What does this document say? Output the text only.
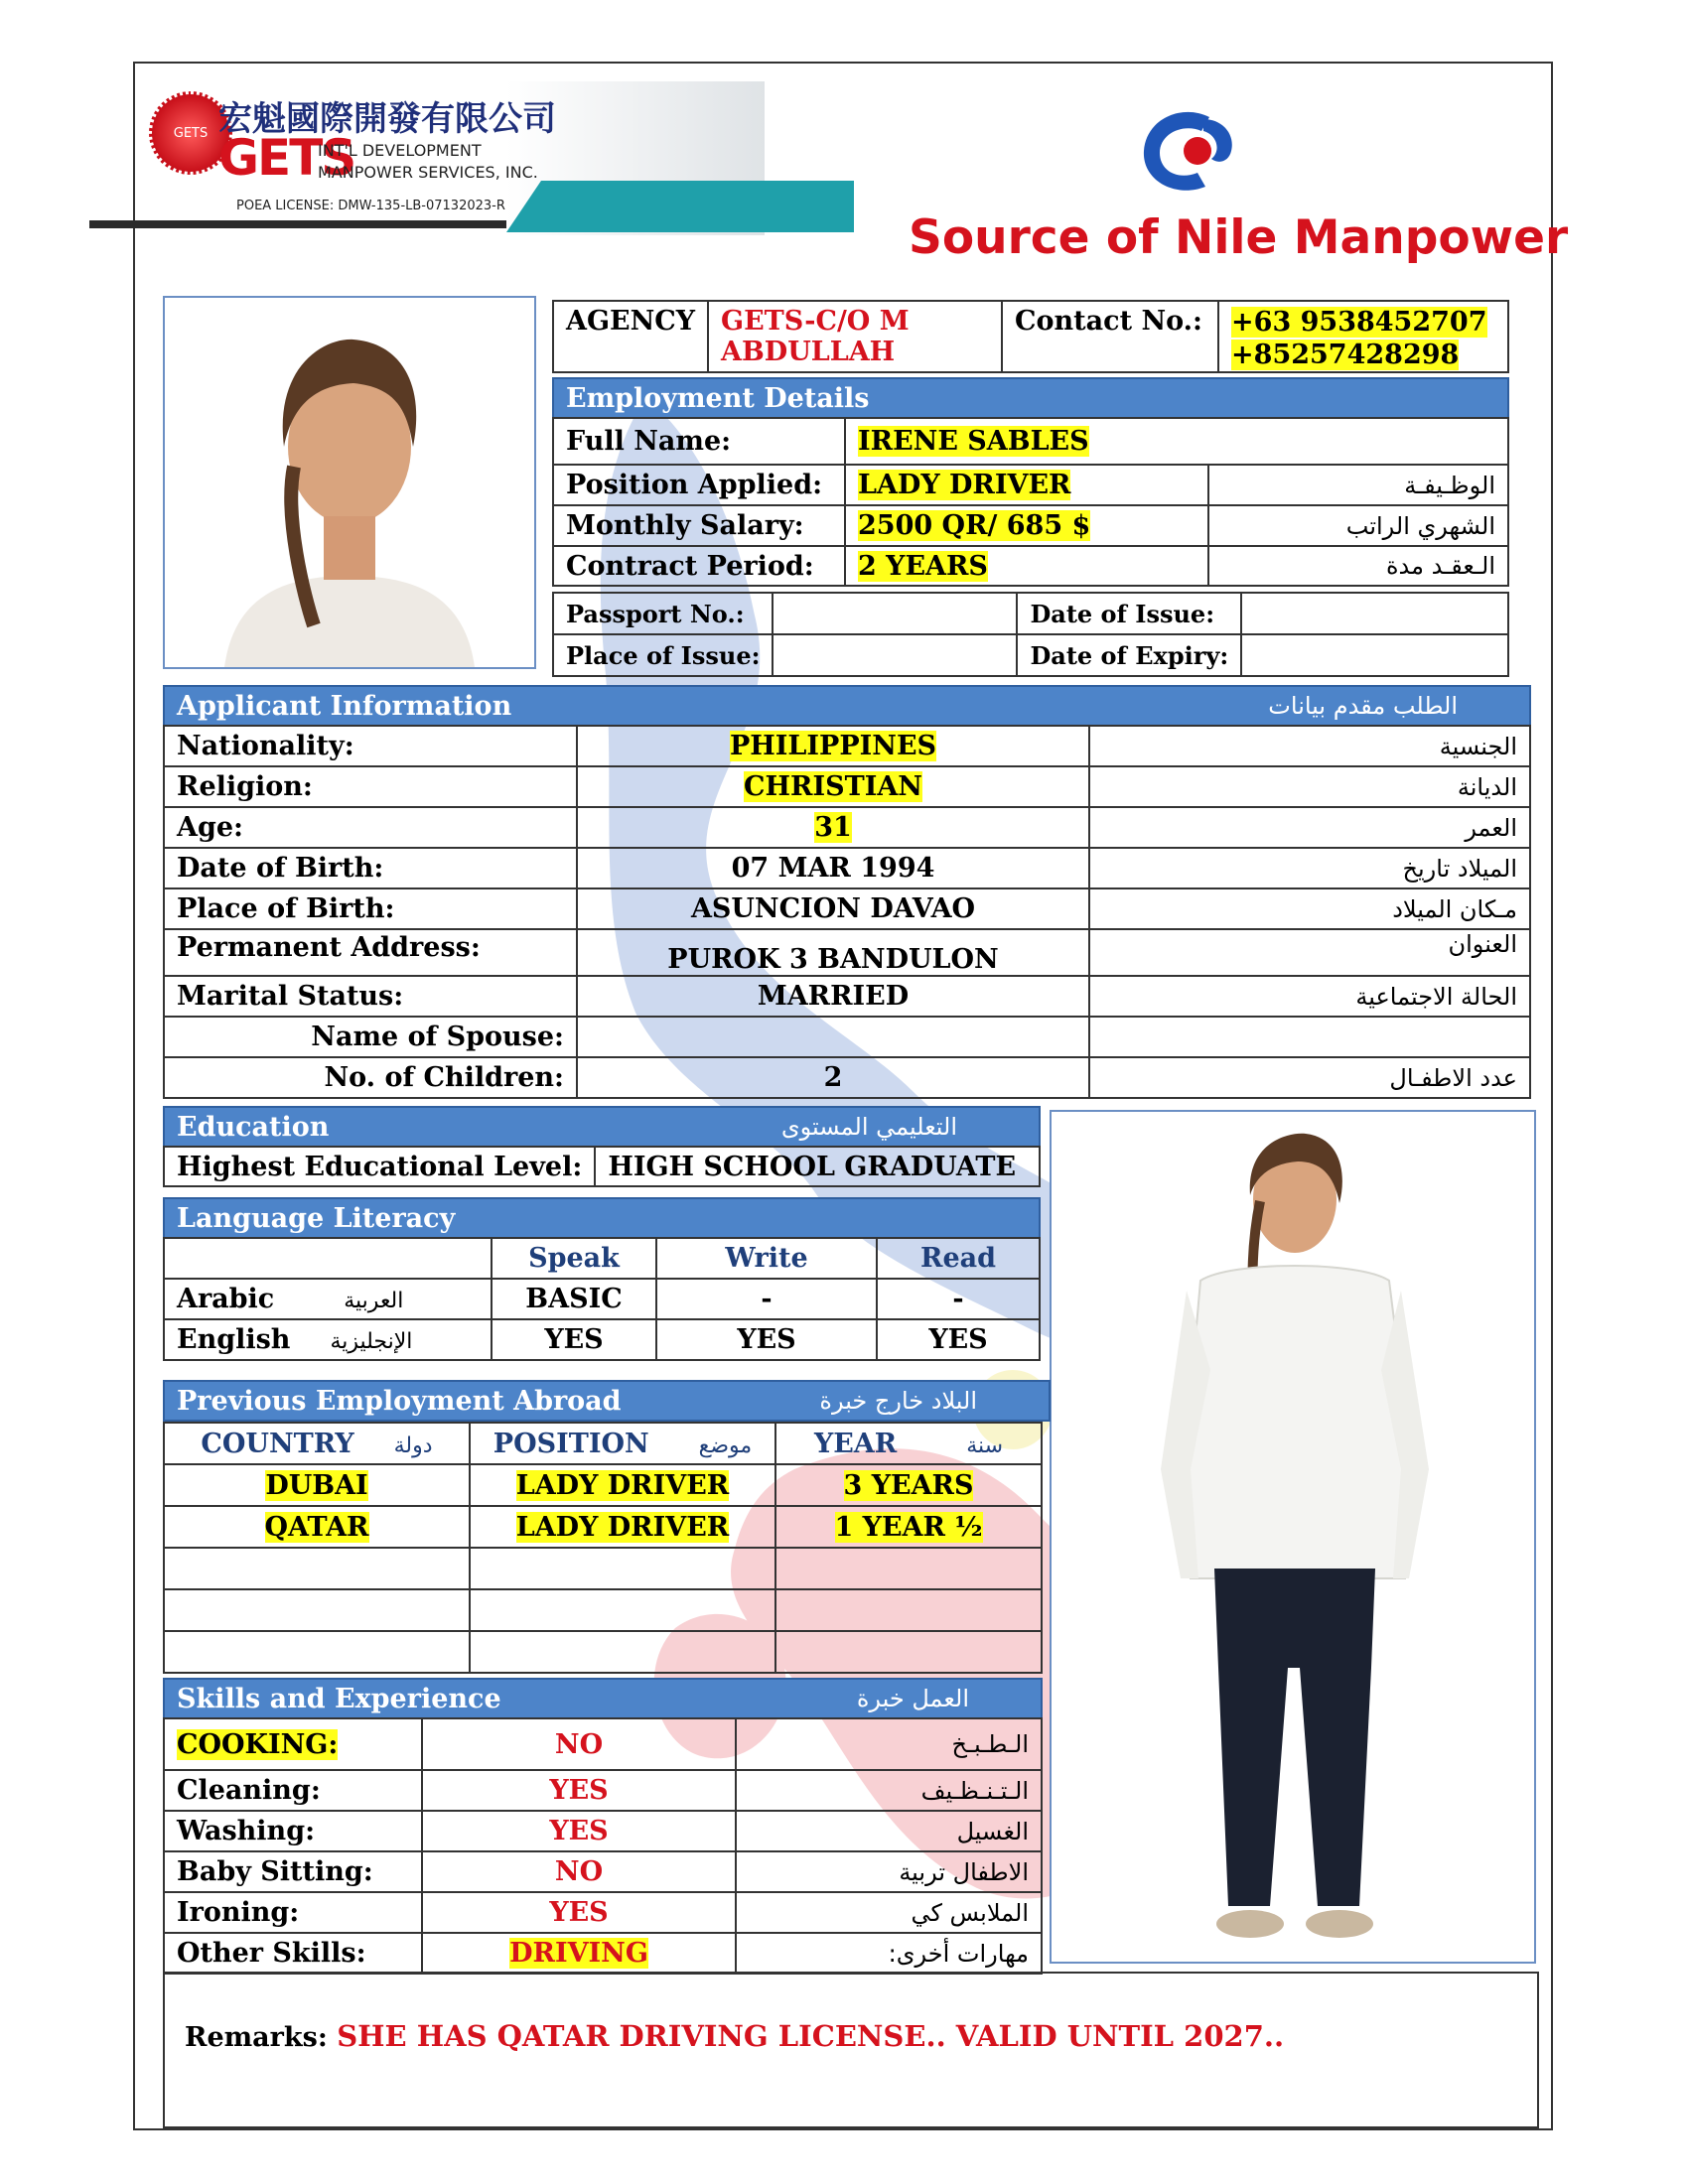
GETS 宏魁國際開發有限公司
GETS
INT'L DEVELOPMENT
MANPOWER SERVICES, INC.
POEA LICENSE: DMW-135-LB-07132023-R
Source of Nile Manpower
AGENCY	GETS-C/O M ABDULLAH	Contact No.:	+63 9538452707
+85257428298
Employment Details
Full Name:	IRENE SABLES	
Position Applied:	LADY DRIVER	الوظـيفـة
Monthly Salary:	2500 QR/ 685 $	الشهري الراتب
Contract Period:	2 YEARS	الـعقـد مدة
Passport No.:		Date of Issue:	
Place of Issue:		Date of Expiry:	
Applicant Information	الطلب مقدم بيانات
Nationality:	PHILIPPINES	الجنسية
Religion:	CHRISTIAN	الديانة
Age:	31	العمر
Date of Birth:	07 MAR 1994	الميلاد تاريخ
Place of Birth:	ASUNCION DAVAO	مـكان الميلاد
Permanent Address:	PUROK 3 BANDULON	العنوان
Marital Status:	MARRIED	الحالة الاجتماعية
Name of Spouse:		
No. of Children:	2	عدد الاطفـال
Education	التعليمي المستوى
Highest Educational Level:	HIGH SCHOOL GRADUATE
Language Literacy
	Speak	Write	Read
Arabic العربية	BASIC	-	-
English الإنجليزية	YES	YES	YES
Previous Employment Abroad	البلاد خارج خبرة
COUNTRY دولة	POSITION موضع	YEAR سنة
DUBAI	LADY DRIVER	3 YEARS
QATAR	LADY DRIVER	1 YEAR ½

Skills and Experience	العمل خبرة
COOKING:	NO	الـطـبـخ
Cleaning:	YES	الـتـنـظـيف
Washing:	YES	الغسيل
Baby Sitting:	NO	الاطفال تربية
Ironing:	YES	الملابس كي
Other Skills:	DRIVING	مهارات أخرى:
Remarks: SHE HAS QATAR DRIVING LICENSE.. VALID UNTIL 2027..
